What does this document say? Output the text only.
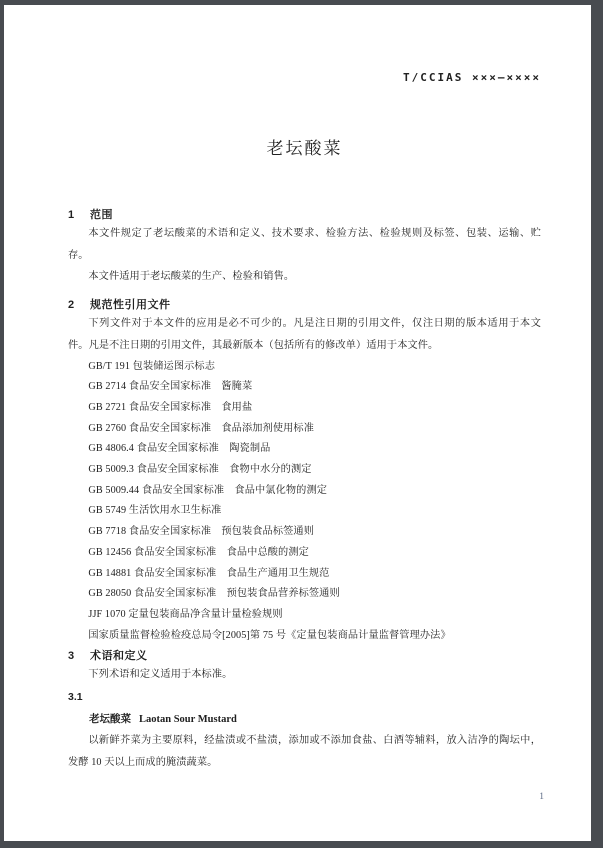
T/CCIAS ×××—××××
老坛酸菜
1 范围

本文件规定了老坛酸菜的术语和定义、技术要求、检验方法、检验规则及标签、包装、运输、贮存。

本文件适用于老坛酸菜的生产、检验和销售。

2 规范性引用文件

下列文件对于本文件的应用是必不可少的。凡是注日期的引用文件，仅注日期的版本适用于本文件。凡是不注日期的引用文件，其最新版本（包括所有的修改单）适用于本文件。

GB/T 191 包装储运图示标志
GB 2714 食品安全国家标准　酱腌菜
GB 2721 食品安全国家标准　食用盐
GB 2760 食品安全国家标准　食品添加剂使用标准
GB 4806.4 食品安全国家标准　陶瓷制品
GB 5009.3 食品安全国家标准　食物中水分的测定
GB 5009.44 食品安全国家标准　食品中氯化物的测定
GB 5749 生活饮用水卫生标准
GB 7718 食品安全国家标准　预包装食品标签通则
GB 12456 食品安全国家标准　食品中总酸的测定
GB 14881 食品安全国家标准　食品生产通用卫生规范
GB 28050 食品安全国家标准　预包装食品营养标签通则
JJF 1070 定量包装商品净含量计量检验规则
国家质量监督检验检疫总局令[2005]第 75 号《定量包装商品计量监督管理办法》
3 术语和定义

下列术语和定义适用于本标准。

3.1
老坛酸菜 Laotan Sour Mustard

以新鲜芥菜为主要原料，经盐渍或不盐渍，添加或不添加食盐、白酒等辅料，放入洁净的陶坛中，发酵 10 天以上而成的腌渍蔬菜。

1
